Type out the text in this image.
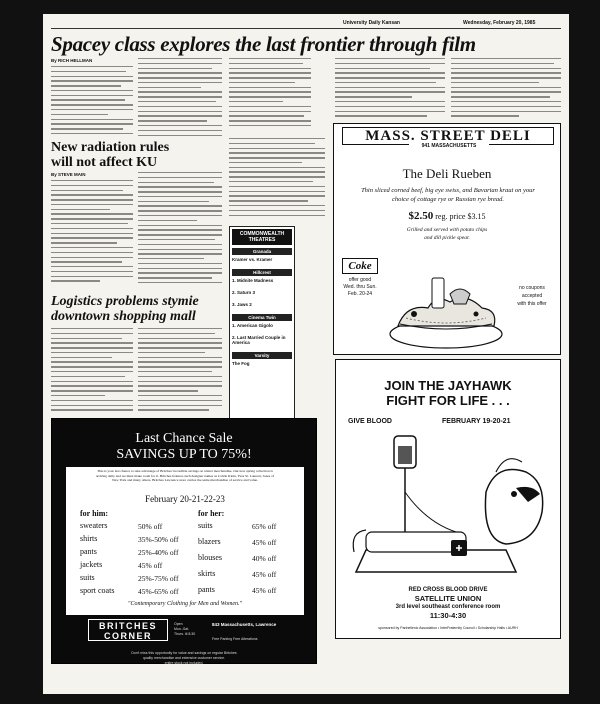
University Daily Kansan	Wednesday, February 20, 1985
Spacey class explores the last frontier through film
By RICH HELLMAN
New radiation rules
will not affect KU
By STEVE MAIN
Logistics problems stymie
downtown shopping mall
COMMONWEALTH THEATRES
Granada
Kramer vs. Kramer
Hillcrest
1. Midnite Madness
2. Saturn 3
3. Jaws 2
Cinema Twin
1. American Gigolo
2. Last Married Couple in America
Varsity
The Fog
MASS. STREET DELI
941 MASSACHUSETTS
The Deli Rueben
Thin sliced corned beef, big eye swiss, and Bavarian kraut on your choice of cottage rye or Russian rye bread.
$2.50 reg. price $3.15
Grilled and served with potato chips
and dill pickle spear.
Coke
offer good
Wed. thru Sun.
Feb. 20-24
no coupons
accepted
with this offer
JOIN THE JAYHAWK
FIGHT FOR LIFE . . .
GIVE BLOOD	FEBRUARY 19-20-21
RED CROSS BLOOD DRIVE
SATELLITE UNION
3rd level southeast conference room
11:30-4:30
sponsored by Panhellenic Association • InterFraternity Council • Scholarship Halls • AURH
Last Chance Sale
SAVINGS UP TO 75%!
This is your last chance to take advantage of Britches' incredible savings on winter merchandise. Our new spring collection is arriving daily and we must make room for it. Britches features such designer names as Calvin Klein, Yves St. Laurent, Jones of New York and many others. Britches Lawrence store carries the same merchandise of service and value.
February 20-21-22-23
for him:	for her:
sweaters	50% off
shirts	35%-50% off
pants	25%-40% off
jackets	45% off
suits	25%-75% off
sport coats	45%-65% off
suits	65% off
blazers	45% off
blouses	40% off
skirts	45% off
pants	45% off
"Contemporary Clothing for Men and Women."
BRITCHES
CORNER
Open
Mon.-Sat.
Thurs. til 8:30
843 Massachusetts, Lawrence
Free Parking Free Alterations
Don't miss this opportunity for value and savings on regular Britches
quality merchandise and extensive customer service.
entire stock not included.
